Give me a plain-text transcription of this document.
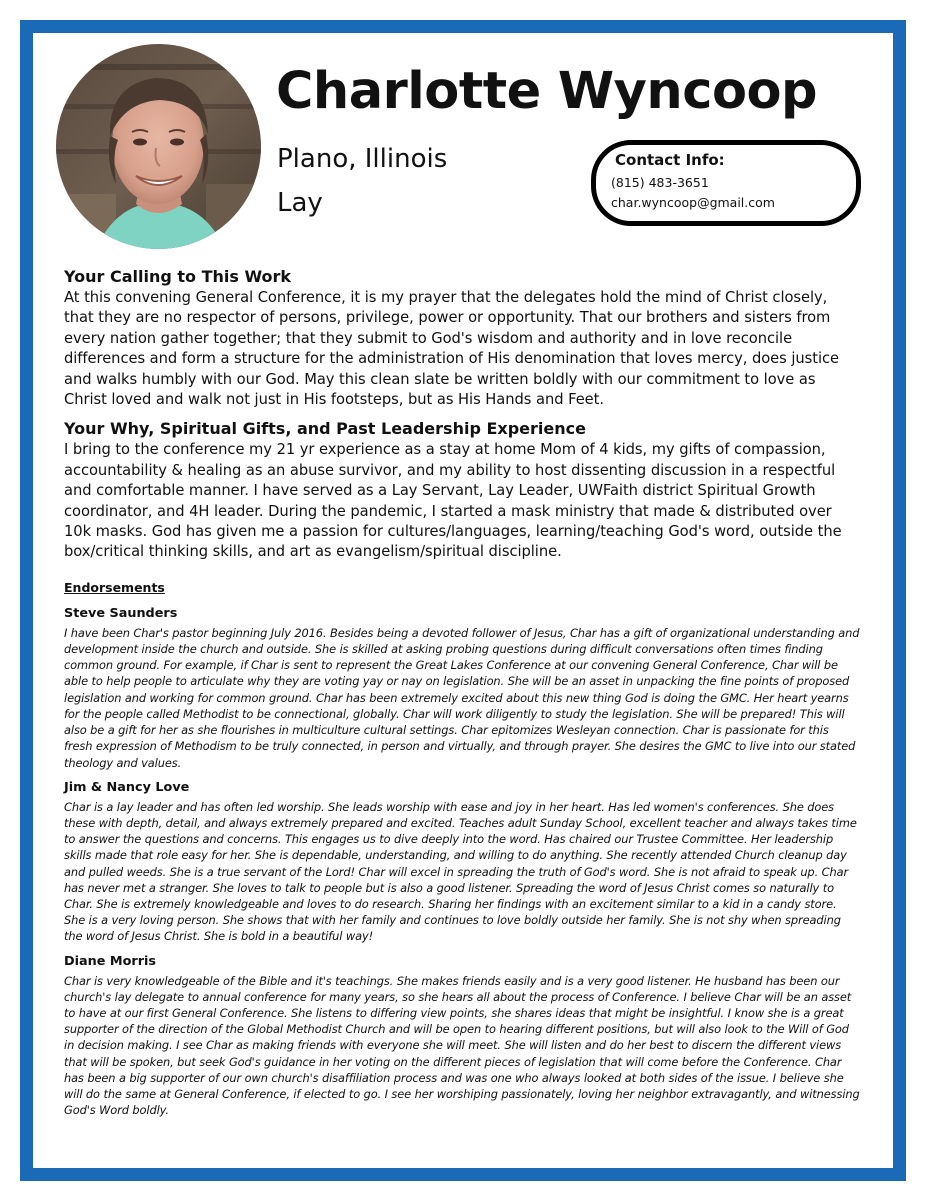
Charlotte Wyncoop

Plano, Illinois

Lay

Contact Info:

(815) 483-3651

char.wyncoop@gmail.com

Your Calling to This Work

At this convening General Conference, it is my prayer that the delegates hold the mind of Christ closely, that they are no respector of persons, privilege, power or opportunity. That our brothers and sisters from every nation gather together; that they submit to God's wisdom and authority and in love reconcile differences and form a structure for the administration of His denomination that loves mercy, does justice and walks humbly with our God. May this clean slate be written boldly with our commitment to love as Christ loved and walk not just in His footsteps, but as His Hands and Feet.

Your Why, Spiritual Gifts, and Past Leadership Experience

I bring to the conference my 21 yr experience as a stay at home Mom of 4 kids, my gifts of compassion, accountability & healing as an abuse survivor, and my ability to host dissenting discussion in a respectful and comfortable manner. I have served as a Lay Servant, Lay Leader, UWFaith district Spiritual Growth coordinator, and 4H leader. During the pandemic, I started a mask ministry that made & distributed over 10k masks. God has given me a passion for cultures/languages, learning/teaching God's word, outside the box/critical thinking skills, and art as evangelism/spiritual discipline.

Endorsements

Steve Saunders

I have been Char's pastor beginning July 2016. Besides being a devoted follower of Jesus, Char has a gift of organizational understanding and development inside the church and outside. She is skilled at asking probing questions during difficult conversations often times finding common ground. For example, if Char is sent to represent the Great Lakes Conference at our convening General Conference, Char will be able to help people to articulate why they are voting yay or nay on legislation. She will be an asset in unpacking the fine points of proposed legislation and working for common ground. Char has been extremely excited about this new thing God is doing the GMC. Her heart yearns for the people called Methodist to be connectional, globally. Char will work diligently to study the legislation. She will be prepared! This will also be a gift for her as she flourishes in multiculture cultural settings. Char epitomizes Wesleyan connection. Char is passionate for this fresh expression of Methodism to be truly connected, in person and virtually, and through prayer. She desires the GMC to live into our stated theology and values.

Jim & Nancy Love

Char is a lay leader and has often led worship. She leads worship with ease and joy in her heart. Has led women's conferences. She does these with depth, detail, and always extremely prepared and excited. Teaches adult Sunday School, excellent teacher and always takes time to answer the questions and concerns. This engages us to dive deeply into the word. Has chaired our Trustee Committee. Her leadership skills made that role easy for her. She is dependable, understanding, and willing to do anything. She recently attended Church cleanup day and pulled weeds. She is a true servant of the Lord! Char will excel in spreading the truth of God's word. She is not afraid to speak up. Char has never met a stranger. She loves to talk to people but is also a good listener. Spreading the word of Jesus Christ comes so naturally to Char. She is extremely knowledgeable and loves to do research. Sharing her findings with an excitement similar to a kid in a candy store. She is a very loving person. She shows that with her family and continues to love boldly outside her family. She is not shy when spreading the word of Jesus Christ. She is bold in a beautiful way!

Diane Morris

Char is very knowledgeable of the Bible and it's teachings. She makes friends easily and is a very good listener. He husband has been our church's lay delegate to annual conference for many years, so she hears all about the process of Conference. I believe Char will be an asset to have at our first General Conference. She listens to differing view points, she shares ideas that might be insightful. I know she is a great supporter of the direction of the Global Methodist Church and will be open to hearing different positions, but will also look to the Will of God in decision making. I see Char as making friends with everyone she will meet. She will listen and do her best to discern the different views that will be spoken, but seek God's guidance in her voting on the different pieces of legislation that will come before the Conference. Char has been a big supporter of our own church's disaffiliation process and was one who always looked at both sides of the issue. I believe she will do the same at General Conference, if elected to go. I see her worshiping passionately, loving her neighbor extravagantly, and witnessing God's Word boldly.
